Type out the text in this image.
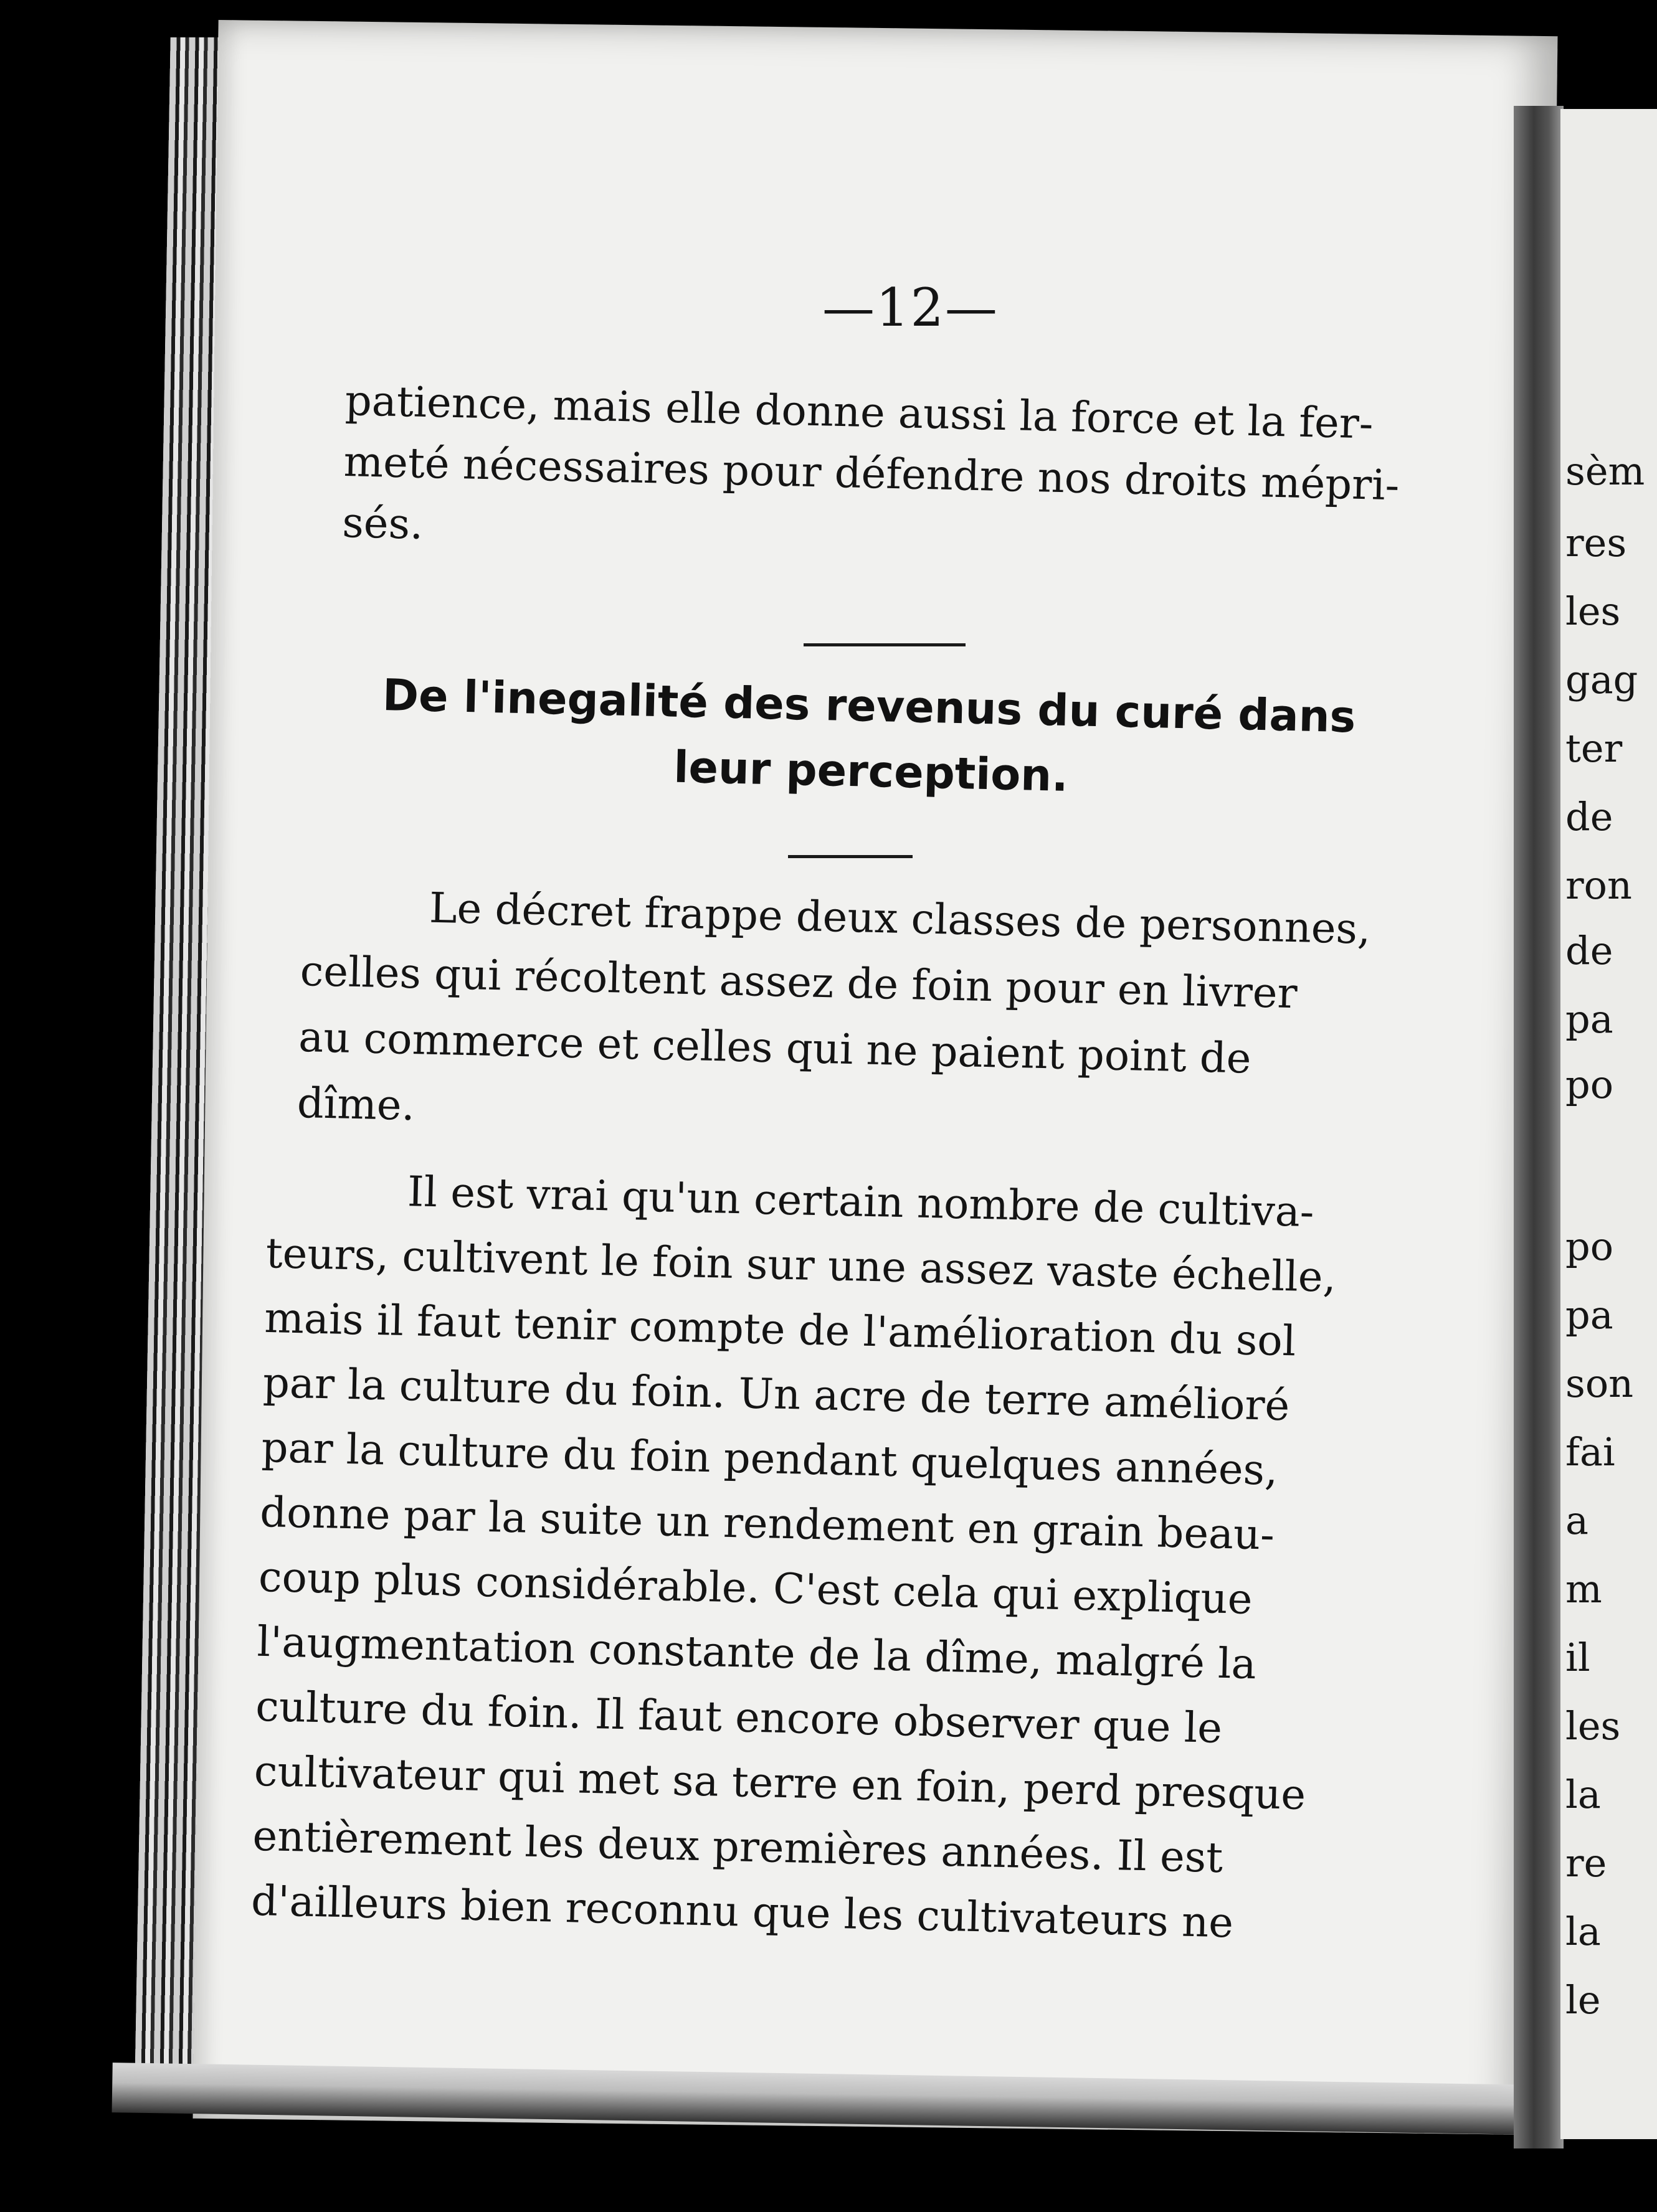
sèm
res
les
gag
ter
de
ron
de
pa
po
po
pa
son
fai
a
m
il
les
la
re
la
le
—12—
patience, mais elle donne aussi la force et la fer-
meté nécessaires pour défendre nos droits mépri-
sés.
De l'inegalité des revenus du curé dans
leur perception.
Le décret frappe deux classes de personnes,
celles qui récoltent assez de foin pour en livrer
au commerce et celles qui ne paient point de
dîme.
Il est vrai qu'un certain nombre de cultiva-
teurs, cultivent le foin sur une assez vaste échelle,
mais il faut tenir compte de l'amélioration du sol
par la culture du foin. Un acre de terre amélioré
par la culture du foin pendant quelques années,
donne par la suite un rendement en grain beau-
coup plus considérable. C'est cela qui explique
l'augmentation constante de la dîme, malgré la
culture du foin. Il faut encore observer que le
cultivateur qui met sa terre en foin, perd presque
entièrement les deux premières années. Il est
d'ailleurs bien reconnu que les cultivateurs ne
